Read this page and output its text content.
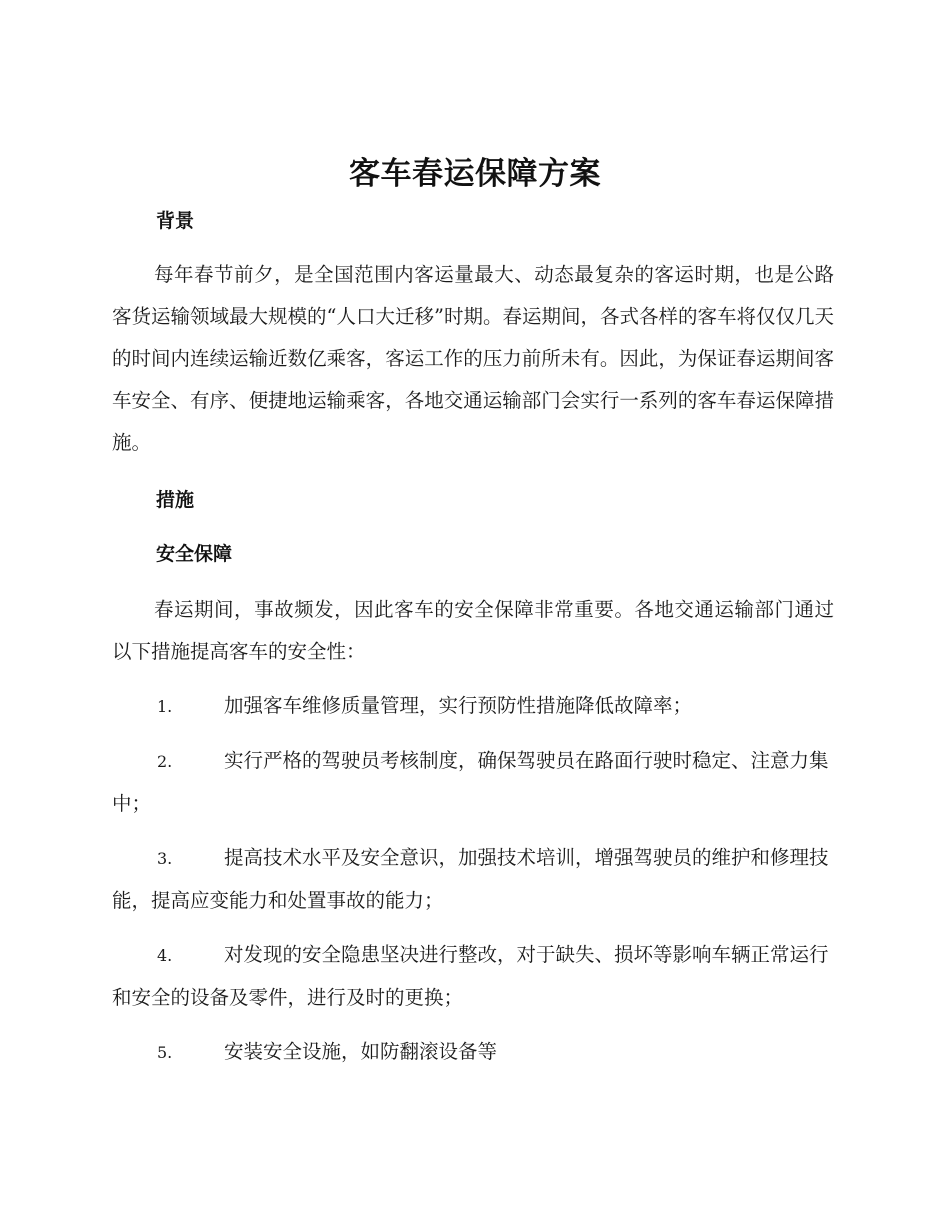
客车春运保障方案
背景

每年春节前夕，是全国范围内客运量最大、动态最复杂的客运时期，也是公路客货运输领域最大规模的“人口大迁移”时期。春运期间，各式各样的客车将仅仅几天的时间内连续运输近数亿乘客，客运工作的压力前所未有。因此，为保证春运期间客车安全、有序、便捷地运输乘客，各地交通运输部门会实行一系列的客车春运保障措施。

措施
安全保障

春运期间，事故频发，因此客车的安全保障非常重要。各地交通运输部门通过以下措施提高客车的安全性：

1.	加强客车维修质量管理，实行预防性措施降低故障率；

2.	实行严格的驾驶员考核制度，确保驾驶员在路面行驶时稳定、注意力集中；

3.	提高技术水平及安全意识，加强技术培训，增强驾驶员的维护和修理技能，提高应变能力和处置事故的能力；

4.	对发现的安全隐患坚决进行整改，对于缺失、损坏等影响车辆正常运行和安全的设备及零件，进行及时的更换；

5.	安装安全设施，如防翻滚设备等
